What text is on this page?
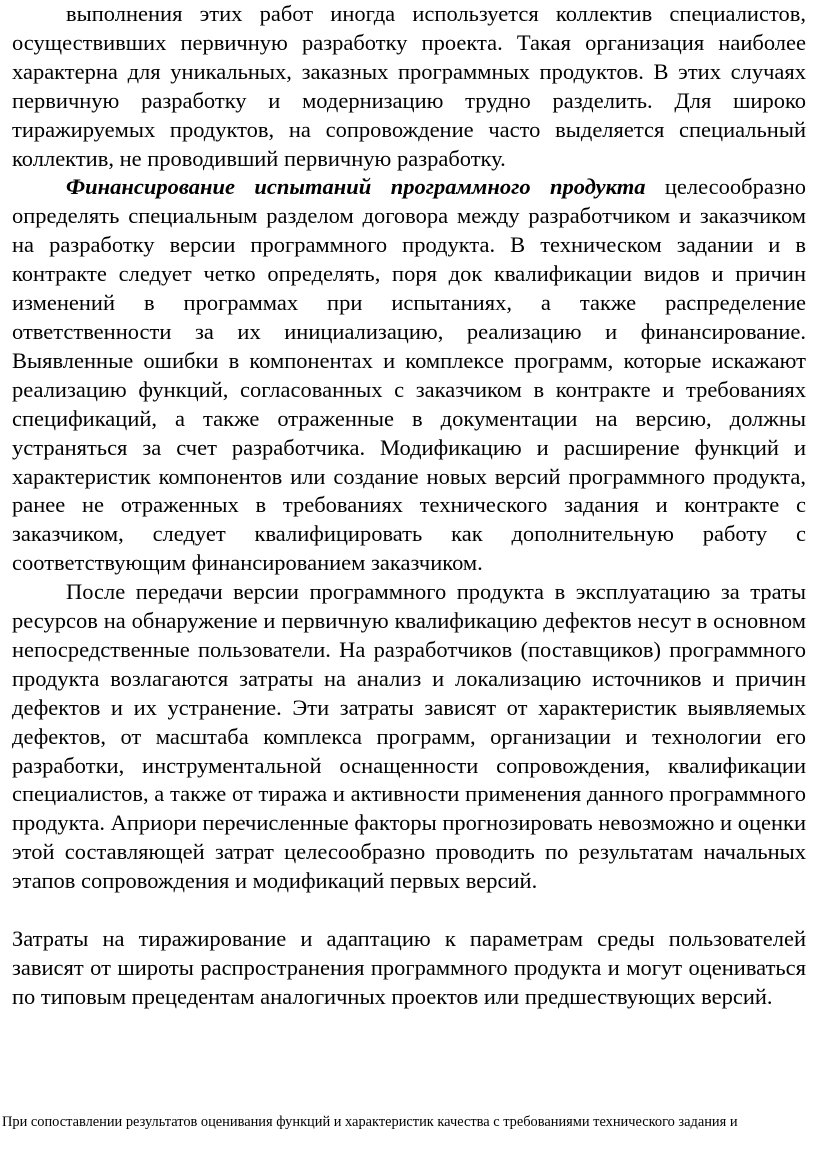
выполнения этих работ иногда используется коллектив специалистов, осуществивших первичную разработку проекта. Такая организация наиболее характерна для уникальных, заказных программных продуктов. В этих случаях первичную разработку и модернизацию трудно разделить. Для широко тиражируемых продуктов, на сопровождение часто выделяется специальный коллектив, не проводивший первичную разработку.

Финансирование испытаний программного продукта целесообразно определять специальным разделом договора между разработчиком и заказчиком на разработку версии программного продукта. В техническом задании и в контракте следует четко определять, поря док квалификации видов и причин изменений в программах при испытаниях, а также распределение ответственности за их инициализацию, реализацию и финансирование. Выявленные ошибки в компонентах и комплексе программ, которые искажают реализацию функций, согласованных с заказчиком в контракте и требованиях спецификаций, а также отраженные в документации на версию, должны устраняться за счет разработчика. Модификацию и расширение функций и характеристик компонентов или создание новых версий программного продукта, ранее не отраженных в требованиях технического задания и контракте с заказчиком, следует квалифицировать как дополнительную работу с соответствующим финансированием заказчиком.

После передачи версии программного продукта в эксплуатацию за траты ресурсов на обнаружение и первичную квалификацию дефектов несут в основном непосредственные пользователи. На разработчиков (поставщиков) программного продукта возлагаются затраты на анализ и локализацию источников и причин дефектов и их устранение. Эти затраты зависят от характеристик выявляемых дефектов, от масштаба комплекса программ, организации и технологии его разработки, инструментальной оснащенности сопровождения, квалификации специалистов, а также от тиража и активности применения данного программного продукта. Априори перечисленные факторы прогнозировать невозможно и оценки этой составляющей затрат целесообразно проводить по результатам начальных этапов сопровождения и модификаций первых версий.

Затраты на тиражирование и адаптацию к параметрам среды пользователей зависят от широты распространения программного продукта и могут оцениваться по типовым прецедентам аналогичных проектов или предшествующих версий.

При сопоставлении результатов оценивания функций и характеристик качества с требованиями технического задания и
